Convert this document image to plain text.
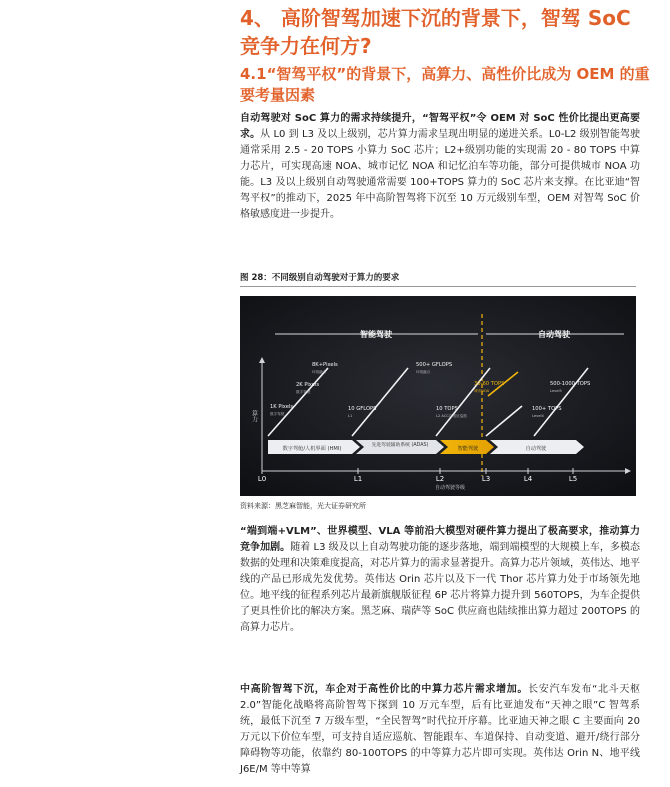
4、 高阶智驾加速下沉的背景下，智驾 SoC 竞争力在何方?
4.1“智驾平权”的背景下，高算力、高性价比成为 OEM 的重要考量因素

自动驾驶对 SoC 算力的需求持续提升，“智驾平权”令 OEM 对 SoC 性价比提出更高要求。从 L0 到 L3 及以上级别，芯片算力需求呈现出明显的递进关系。L0-L2 级别智能驾驶通常采用 2.5 - 20 TOPS 小算力 SoC 芯片；L2+级别功能的实现需 20 - 80 TOPS 中算力芯片，可实现高速 NOA、城市记忆 NOA 和记忆泊车等功能，部分可提供城市 NOA 功能。L3 及以上级别自动驾驶通常需要 100+TOPS 算力的 SoC 芯片来支撑。在比亚迪“智驾平权”的推动下，2025 年中高阶智驾将下沉至 10 万元级别车型，OEM 对智驾 SoC 价格敏感度进一步提升。

图 28：不同级别自动驾驶对于算力的要求

智能驾驶	自动驾驶
算力
自动驾驶等级
L0	L1	L2	L3	L4	L5
数字驾舱/人机界面 (HMI)
先进驾驶辅助系统 (ADAS)
智能驾驶	自动驾驶
1K Pixels
数字驾驶
2K Pixels
数字驾驶
8K+Pixels
环视融合
10 GFLOPS
L1
500+ GFLOPS
环视融合
10 TOPS
L2 ACC自适应巡航
30-60 TOPS
城市NOA
100+ TOPS
Level4
500-1000 TOPS
Level5

资料来源：黑芝麻智能，光大证券研究所

“端到端+VLM”、世界模型、VLA 等前沿大模型对硬件算力提出了极高要求，推动算力竞争加剧。随着 L3 级及以上自动驾驶功能的逐步落地，端到端模型的大规模上车，多模态数据的处理和决策难度提高，对芯片算力的需求显著提升。高算力芯片领域，英伟达、地平线的产品已形成先发优势。英伟达 Orin 芯片以及下一代 Thor 芯片算力处于市场领先地位。地平线的征程系列芯片最新旗舰版征程 6P 芯片将算力提升到 560TOPS，为车企提供了更具性价比的解决方案。黑芝麻、瑞萨等 SoC 供应商也陆续推出算力超过 200TOPS 的高算力芯片。

中高阶智驾下沉，车企对于高性价比的中算力芯片需求增加。长安汽车发布“北斗天枢 2.0”智能化战略将高阶智驾下探到 10 万元车型，后有比亚迪发布“天神之眼”C 智驾系统，最低下沉至 7 万级车型，“全民智驾”时代拉开序幕。比亚迪天神之眼 C 主要面向 20 万元以下价位车型，可支持自适应巡航、智能跟车、车道保持、自动变道、避开/绕行部分障碍物等功能，依靠约 80-100TOPS 的中等算力芯片即可实现。英伟达 Orin N、地平线 J6E/M 等中等算
